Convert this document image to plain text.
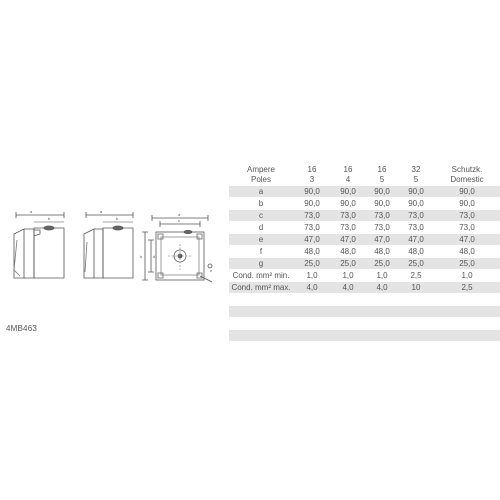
a
b
a
b
a
c
b	d
e
4MB463
Ampere	16	16	16	32	Schutzk.
Poles	3	4	5	5	Domestic
a	90,0	90,0	90,0	90,0	90,0
b	90,0	90,0	90,0	90,0	90,0
c	73,0	73,0	73,0	73,0	73,0
d	73,0	73,0	73,0	73,0	73,0
e	47,0	47,0	47,0	47,0	47,0
f	48,0	48,0	48,0	48,0	48,0
g	25,0	25,0	25,0	25,0	25,0
Cond. mm² min.	1,0	1,0	1,0	2,5	1,0
Cond. mm² max.	4,0	4,0	4,0	10	2,5
